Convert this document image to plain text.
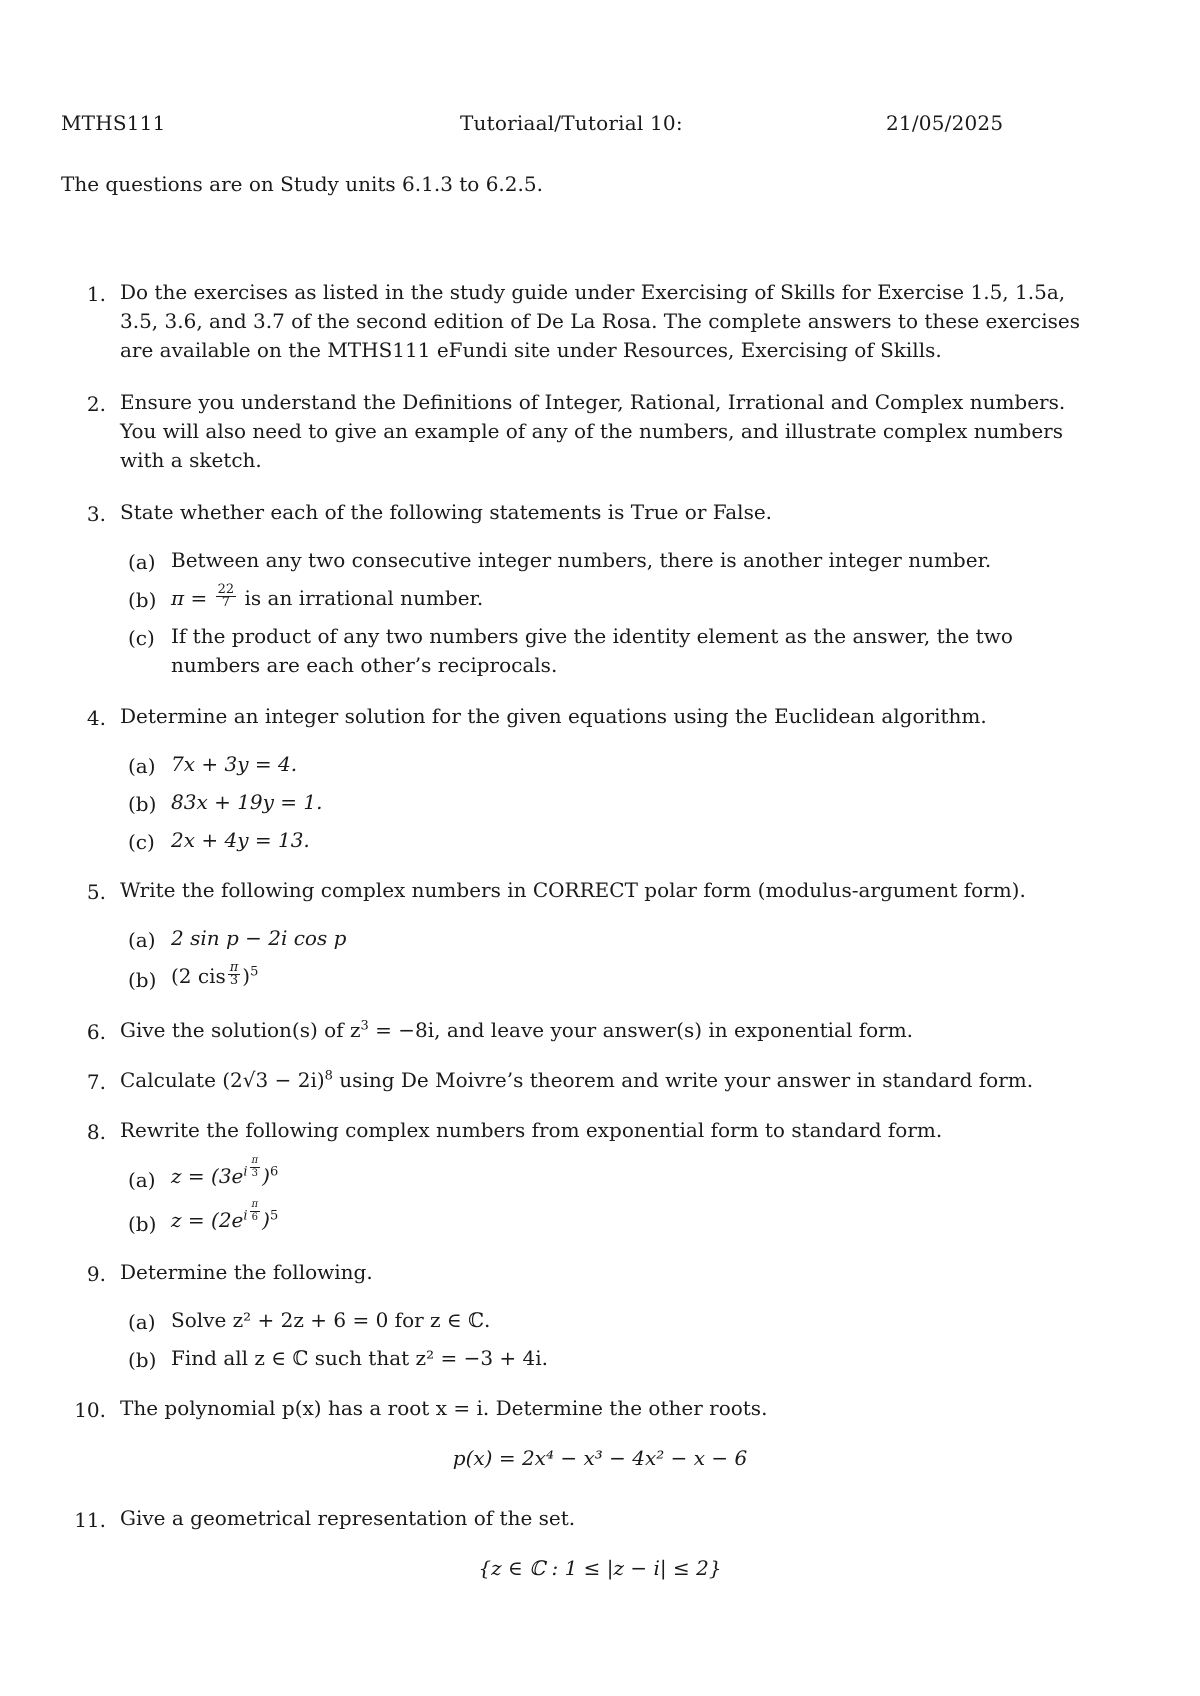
MTHS111	Tutoriaal/Tutorial 10:	21/05/2025
The questions are on Study units 6.1.3 to 6.2.5.
1. Do the exercises as listed in the study guide under Exercising of Skills for Exercise 1.5, 1.5a, 3.5, 3.6, and 3.7 of the second edition of De La Rosa. The complete answers to these exercises are available on the MTHS111 eFundi site under Resources, Exercising of Skills.
2. Ensure you understand the Definitions of Integer, Rational, Irrational and Complex numbers. You will also need to give an example of any of the numbers, and illustrate complex numbers with a sketch.
3. State whether each of the following statements is True or False.
(a) Between any two consecutive integer numbers, there is another integer number.
(b) $\pi = \frac{22}{7}$ is an irrational number.
(c) If the product of any two numbers give the identity element as the answer, the two numbers are each other’s reciprocals.
4. Determine an integer solution for the given equations using the Euclidean algorithm.
(a) 7x + 3y = 4.
(b) 83x + 19y = 1.
(c) 2x + 4y = 13.
5. Write the following complex numbers in CORRECT polar form (modulus-argument form).
(a) 2 sin p − 2i cos p
(b) (2 cis $\frac{\pi}{3} )^5$
6. Give the solution(s) of $z^3 = -8i$, and leave your answer(s) in exponential form.
7. Calculate $(2√3 - 2i)^8$ using De Moivre’s theorem and write your answer in standard form.
8. Rewrite the following complex numbers from exponential form to standard form.
(a) $z = (3e^i \frac{\pi}{3} )^6$
(b) $z = (2e^i \frac{\pi}{6} )^5$
9. Determine the following.
(a) Solve z² + 2z + 6 = 0 for z ∈ ℂ.
(b) Find all z ∈ ℂ such that z² = −3 + 4i.
10. The polynomial p(x) has a root x = i. Determine the other roots.
p(x) = 2x⁴ − x³ − 4x² − x − 6
11. Give a geometrical representation of the set.
{z ∈ ℂ : 1 ≤ |z − i| ≤ 2}
